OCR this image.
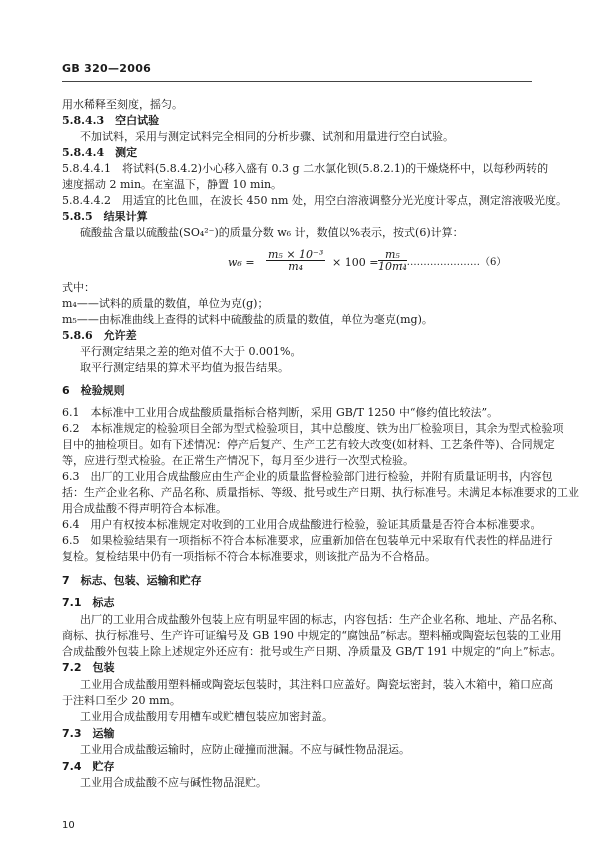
GB 320—2006
用水稀释至刻度，摇匀。
5.8.4.3　空白试验
不加试料，采用与测定试料完全相同的分析步骤、试剂和用量进行空白试验。
5.8.4.4　测定
5.8.4.4.1　将试料(5.8.4.2)小心移入盛有 0.3 g 二水氯化钡(5.8.2.1)的干燥烧杯中，以每秒两转的
速度摇动 2 min。在室温下，静置 10 min。
5.8.4.4.2　用适宜的比色皿，在波长 450 nm 处，用空白溶液调整分光光度计零点，测定溶液吸光度。
5.8.5　结果计算
硫酸盐含量以硫酸盐(SO₄²⁻)的质量分数 w₆ 计，数值以%表示，按式(6)计算：
$w_6 = \frac{\text{m₅ × 10⁻³}}{\text{m₄}} \times 100 = \frac{\text{m₅}}{\text{10m₄}}$
……………………（6）
式中：
m₄——试料的质量的数值，单位为克(g)；
m₅——由标准曲线上查得的试料中硫酸盐的质量的数值，单位为毫克(mg)。
5.8.6　允许差
平行测定结果之差的绝对值不大于 0.001%。
取平行测定结果的算术平均值为报告结果。
6　检验规则
6.1　本标准中工业用合成盐酸质量指标合格判断，采用 GB/T 1250 中“修约值比较法”。
6.2　本标准规定的检验项目全部为型式检验项目，其中总酸度、铁为出厂检验项目，其余为型式检验项
目中的抽检项目。如有下述情况：停产后复产、生产工艺有较大改变(如材料、工艺条件等)、合同规定
等，应进行型式检验。在正常生产情况下，每月至少进行一次型式检验。
6.3　出厂的工业用合成盐酸应由生产企业的质量监督检验部门进行检验，并附有质量证明书，内容包
括：生产企业名称、产品名称、质量指标、等级、批号或生产日期、执行标准号。未满足本标准要求的工业
用合成盐酸不得声明符合本标准。
6.4　用户有权按本标准规定对收到的工业用合成盐酸进行检验，验证其质量是否符合本标准要求。
6.5　如果检验结果有一项指标不符合本标准要求，应重新加倍在包装单元中采取有代表性的样品进行
复检。复检结果中仍有一项指标不符合本标准要求，则该批产品为不合格品。
7　标志、包装、运输和贮存
7.1　标志
出厂的工业用合成盐酸外包装上应有明显牢固的标志，内容包括：生产企业名称、地址、产品名称、
商标、执行标准号、生产许可证编号及 GB 190 中规定的“腐蚀品”标志。塑料桶或陶瓷坛包装的工业用
合成盐酸外包装上除上述规定外还应有：批号或生产日期、净质量及 GB/T 191 中规定的“向上”标志。
7.2　包装
工业用合成盐酸用塑料桶或陶瓷坛包装时，其注料口应盖好。陶瓷坛密封，装入木箱中，箱口应高
于注料口至少 20 mm。
工业用合成盐酸用专用槽车或贮槽包装应加密封盖。
7.3　运输
工业用合成盐酸运输时，应防止碰撞而泄漏。不应与碱性物品混运。
7.4　贮存
工业用合成盐酸不应与碱性物品混贮。
10
